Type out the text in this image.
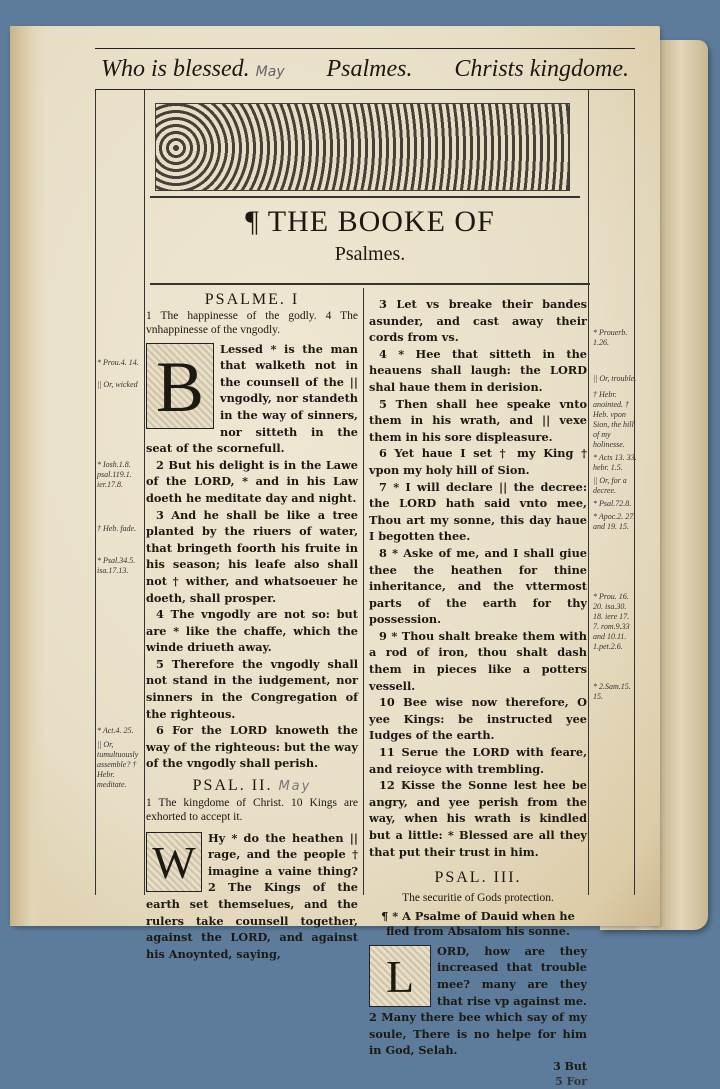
Who is blessed. May Psalmes. Christs kingdome.
¶ THE BOOKE OF
Psalmes.
PSALME. I
1 The happinesse of the godly. 4 The vnhappinesse of the vngodly.
B	Lessed * is the man that walketh not in the counsell of the || vngodly, nor standeth in the way of sinners, nor sitteth in the seat of the scornefull.
2 But his delight is in the Lawe of the LORD, * and in his Law doeth he meditate day and night.
3 And he shall be like a tree planted by the riuers of water, that bringeth foorth his fruite in his season; his leafe also shall not † wither, and whatsoeuer he doeth, shall prosper.
4 The vngodly are not so: but are * like the chaffe, which the winde driueth away.
5 Therefore the vngodly shall not stand in the iudgement, nor sinners in the Congregation of the righteous.
6 For the LORD knoweth the way of the righteous: but the way of the vngodly shall perish.
PSAL. II. May
1 The kingdome of Christ. 10 Kings are exhorted to accept it.
W	Hy * do the heathen || rage, and the people † imagine a vaine thing? 2 The Kings of the earth set themselues, and the rulers take counsell together, against the LORD, and against his Anoynted, saying,
3 Let vs breake their bandes asunder, and cast away their cords from vs.
4 * Hee that sitteth in the heauens shall laugh: the LORD shal haue them in derision.
5 Then shall hee speake vnto them in his wrath, and || vexe them in his sore displeasure.
6 Yet haue I set † my King † vpon my holy hill of Sion.
7 * I will declare || the decree: the LORD hath said vnto mee, Thou art my sonne, this day haue I begotten thee.
8 * Aske of me, and I shall giue thee the heathen for thine inheritance, and the vttermost parts of the earth for thy possession.
9 * Thou shalt breake them with a rod of iron, thou shalt dash them in pieces like a potters vessell.
10 Bee wise now therefore, O yee Kings: be instructed yee Iudges of the earth.
11 Serue the LORD with feare, and reioyce with trembling.
12 Kisse the Sonne lest hee be angry, and yee perish from the way, when his wrath is kindled but a little: * Blessed are all they that put their trust in him.
PSAL. III.
The securitie of Gods protection.
¶ * A Psalme of Dauid when he fled from Absalom his sonne.
L	ORD, how are they increased that trouble mee? many are they that rise vp against me. 2 Many there bee which say of my soule, There is no helpe for him in God, Selah.
3 But
5 For
* Prou.4. 14.
|| Or, wicked
* Iosh.1.8. psal.119.1. ier.17.8.
† Heb. fade.
* Psal.34.5. isa.17.13.
* Act.4. 25.
|| Or, tumultuously assemble? † Hebr. meditate.
* Prouerb. 1.26.
|| Or, trouble.
† Hebr. anointed. † Heb. vpon Sion, the hill of my holinesse.
* Acts 13. 33. hebr. 1.5.
|| Or, for a decree.
* Psal.72.8.
* Apoc.2. 27. and 19. 15.
* Prou. 16. 20. isa.30. 18. iere 17. 7. rom.9.33 and 10.11. 1.pet.2.6.
* 2.Sam.15. 15.
